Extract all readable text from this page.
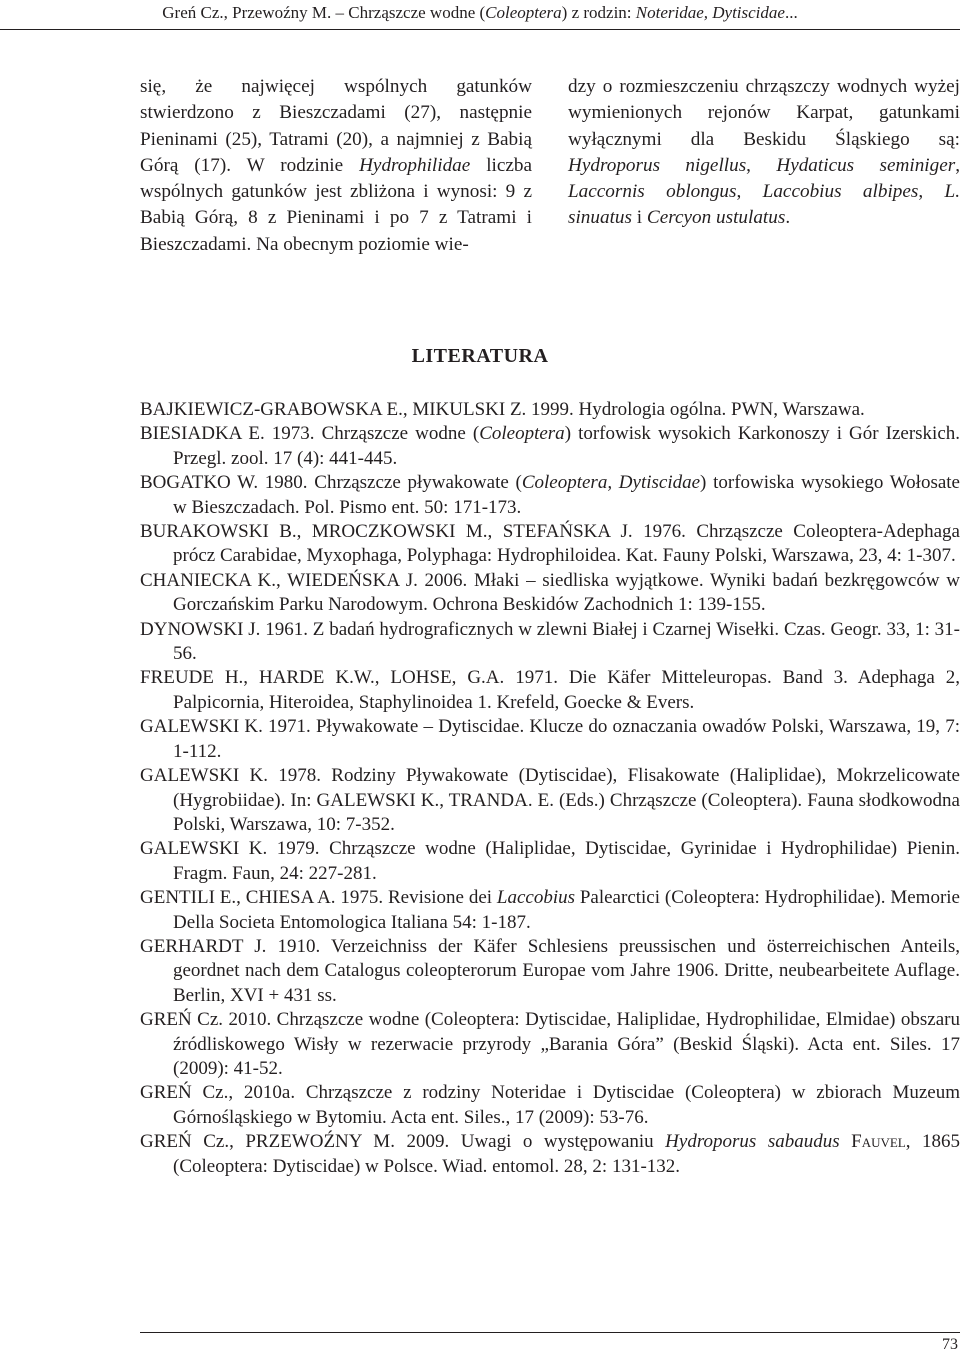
Greń Cz., Przewoźny M. – Chrząszcze wodne (Coleoptera) z rodzin: Noteridae, Dytiscidae...
się, że najwięcej wspólnych gatunków stwierdzono z Bieszczadami (27), następnie Pieninami (25), Tatrami (20), a najmniej z Babią Górą (17). W rodzinie Hydrophilidae liczba wspólnych gatunków jest zbliżona i wynosi: 9 z Babią Górą, 8 z Pieninami i po 7 z Tatrami i Bieszczadami. Na obecnym poziomie wie-
dzy o rozmieszczeniu chrząszczy wodnych wyżej wymienionych rejonów Karpat, gatunkami wyłącznymi dla Beskidu Śląskiego są: Hydroporus nigellus, Hydaticus seminiger, Laccornis oblongus, Laccobius albipes, L. sinuatus i Cercyon ustulatus.
LITERATURA
BAJKIEWICZ-GRABOWSKA E., MIKULSKI Z. 1999. Hydrologia ogólna. PWN, Warszawa.
BIESIADKA E. 1973. Chrząszcze wodne (Coleoptera) torfowisk wysokich Karkonoszy i Gór Izerskich. Przegl. zool. 17 (4): 441-445.
BOGATKO W. 1980. Chrząszcze pływakowate (Coleoptera, Dytiscidae) torfowiska wysokiego Wołosate w Bieszczadach. Pol. Pismo ent. 50: 171-173.
BURAKOWSKI B., MROCZKOWSKI M., STEFAŃSKA J. 1976. Chrząszcze Coleoptera-Adephaga prócz Carabidae, Myxophaga, Polyphaga: Hydrophiloidea. Kat. Fauny Polski, Warszawa, 23, 4: 1-307.
CHANIECKA K., WIEDEŃSKA J. 2006. Młaki – siedliska wyjątkowe. Wyniki badań bezkręgowców w Gorczańskim Parku Narodowym. Ochrona Beskidów Zachodnich 1: 139-155.
DYNOWSKI J. 1961. Z badań hydrograficznych w zlewni Białej i Czarnej Wisełki. Czas. Geogr. 33, 1: 31-56.
FREUDE H., HARDE K.W., LOHSE, G.A. 1971. Die Käfer Mitteleuropas. Band 3. Adephaga 2, Palpicornia, Hiteroidea, Staphylinoidea 1. Krefeld, Goecke & Evers.
GALEWSKI K. 1971. Pływakowate – Dytiscidae. Klucze do oznaczania owadów Polski, Warszawa, 19, 7: 1-112.
GALEWSKI K. 1978. Rodziny Pływakowate (Dytiscidae), Flisakowate (Haliplidae), Mokrzelicowate (Hygrobiidae). In: GALEWSKI K., TRANDA. E. (Eds.) Chrząszcze (Coleoptera). Fauna słodkowodna Polski, Warszawa, 10: 7-352.
GALEWSKI K. 1979. Chrząszcze wodne (Haliplidae, Dytiscidae, Gyrinidae i Hydrophilidae) Pienin. Fragm. Faun, 24: 227-281.
GENTILI E., CHIESA A. 1975. Revisione dei Laccobius Palearctici (Coleoptera: Hydrophilidae). Memorie Della Societa Entomologica Italiana 54: 1-187.
GERHARDT J. 1910. Verzeichniss der Käfer Schlesiens preussischen und österreichischen Anteils, geordnet nach dem Catalogus coleopterorum Europae vom Jahre 1906. Dritte, neubearbeitete Auflage. Berlin, XVI + 431 ss.
GREŃ Cz. 2010. Chrząszcze wodne (Coleoptera: Dytiscidae, Haliplidae, Hydrophilidae, Elmidae) obszaru źródliskowego Wisły w rezerwacie przyrody „Barania Góra” (Beskid Śląski). Acta ent. Siles. 17 (2009): 41-52.
GREŃ Cz., 2010a. Chrząszcze z rodziny Noteridae i Dytiscidae (Coleoptera) w zbiorach Muzeum Górnośląskiego w Bytomiu. Acta ent. Siles., 17 (2009): 53-76.
GREŃ Cz., PRZEWOŹNY M. 2009. Uwagi o występowaniu Hydroporus sabaudus Fauvel, 1865 (Coleoptera: Dytiscidae) w Polsce. Wiad. entomol. 28, 2: 131-132.
73
